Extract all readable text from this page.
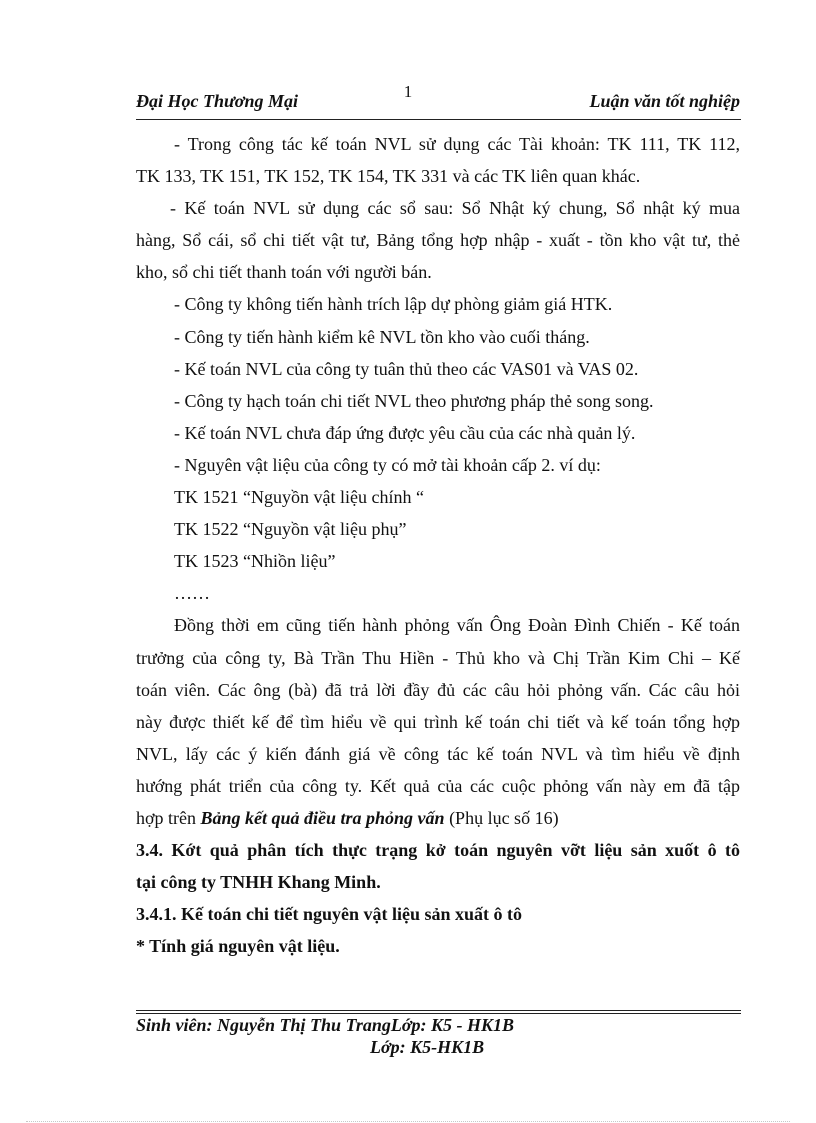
1
Đại Học Thương Mại	Luận văn tốt nghiệp
- Trong công tác kế toán NVL sử dụng các Tài khoản: TK 111, TK 112,
TK 133, TK 151, TK 152, TK 154, TK 331 và các TK liên quan khác.
- Kế toán NVL sử dụng các sổ sau: Sổ Nhật ký chung, Sổ nhật ký mua
hàng, Sổ cái, sổ chi tiết vật tư, Bảng tổng hợp nhập - xuất - tồn kho vật tư, thẻ
kho, sổ chi tiết thanh toán với người bán.
- Công ty không tiến hành trích lập dự phòng giảm giá HTK.
- Công ty tiến hành kiểm kê NVL tồn kho vào cuối tháng.
- Kế toán NVL của công ty tuân thủ theo các VAS01 và VAS 02.
- Công ty hạch toán chi tiết NVL theo phương pháp thẻ song song.
- Kế toán NVL chưa đáp ứng được yêu cầu của các nhà quản lý.
- Nguyên vật liệu của công ty có mở tài khoản cấp 2. ví dụ:
TK 1521 “Nguyồn vật liệu chính “
TK 1522 “Nguyồn vật liệu phụ”
TK 1523 “Nhiồn liệu”
……
Đồng thời em cũng tiến hành phỏng vấn Ông Đoàn Đình Chiến - Kế toán
trưởng của công ty, Bà Trần Thu Hiền - Thủ kho và Chị Trần Kim Chi – Kế
toán viên. Các ông (bà) đã trả lời đầy đủ các câu hỏi phỏng vấn. Các câu hỏi
này được thiết kế để tìm hiểu về qui trình kế toán chi tiết và kế toán tổng hợp
NVL, lấy các ý kiến đánh giá về công tác kế toán NVL và tìm hiểu về định
hướng phát triển của công ty. Kết quả của các cuộc phỏng vấn này em đã tập
hợp trên Bảng kết quả điều tra phỏng vấn (Phụ lục số 16)
3.4. Kớt quả phân tích thực trạng kở toán nguyên vỡt liệu sản xuốt ô tô
tại công ty TNHH Khang Minh.
3.4.1. Kế toán chi tiết nguyên vật liệu sản xuất ô tô
* Tính giá nguyên vật liệu.
Sinh viên: Nguyễn Thị Thu TrangLớp: K5 - HK1B
Lớp: K5-HK1B
